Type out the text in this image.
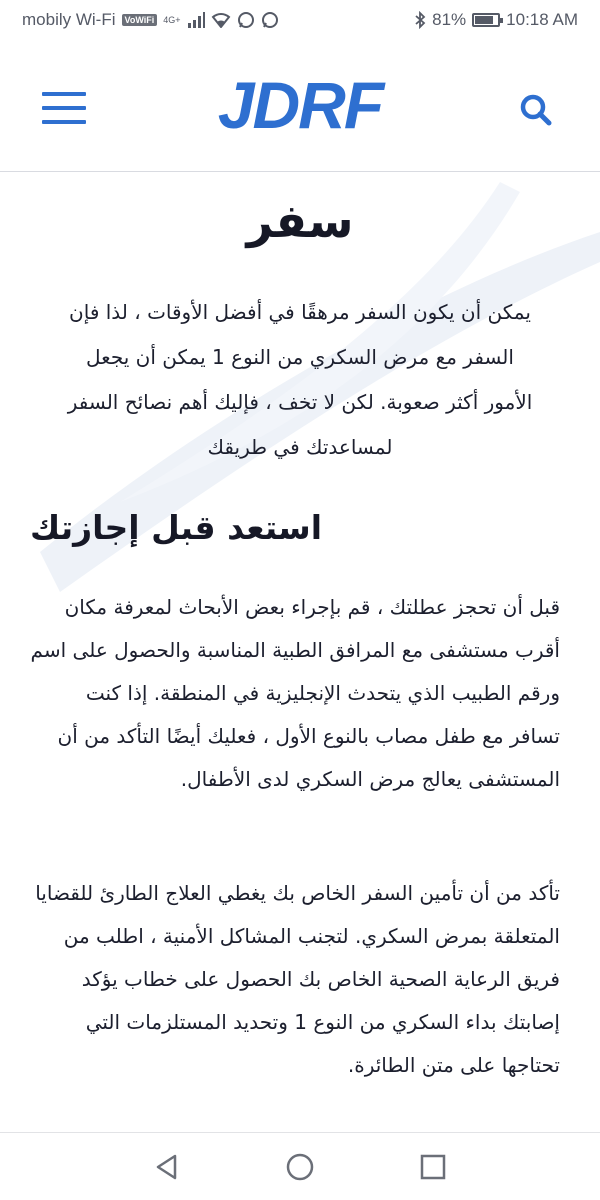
mobily Wi-Fi	VoWiFi	4G+	81% 10:18 AM
JDRF
سفر

يمكن أن يكون السفر مرهقًا في أفضل الأوقات ، لذا فإن السفر مع مرض السكري من النوع 1 يمكن أن يجعل الأمور أكثر صعوبة. لكن لا تخف ، فإليك أهم نصائح السفر لمساعدتك في طريقك

استعد قبل إجازتك

قبل أن تحجز عطلتك ، قم بإجراء بعض الأبحاث لمعرفة مكان أقرب مستشفى مع المرافق الطبية المناسبة والحصول على اسم ورقم الطبيب الذي يتحدث الإنجليزية في المنطقة. إذا كنت تسافر مع طفل مصاب بالنوع الأول ، فعليك أيضًا التأكد من أن المستشفى يعالج مرض السكري لدى الأطفال.

تأكد من أن تأمين السفر الخاص بك يغطي العلاج الطارئ للقضايا المتعلقة بمرض السكري. لتجنب المشاكل الأمنية ، اطلب من فريق الرعاية الصحية الخاص بك الحصول على خطاب يؤكد إصابتك بداء السكري من النوع 1 وتحديد المستلزمات التي تحتاجها على متن الطائرة.
